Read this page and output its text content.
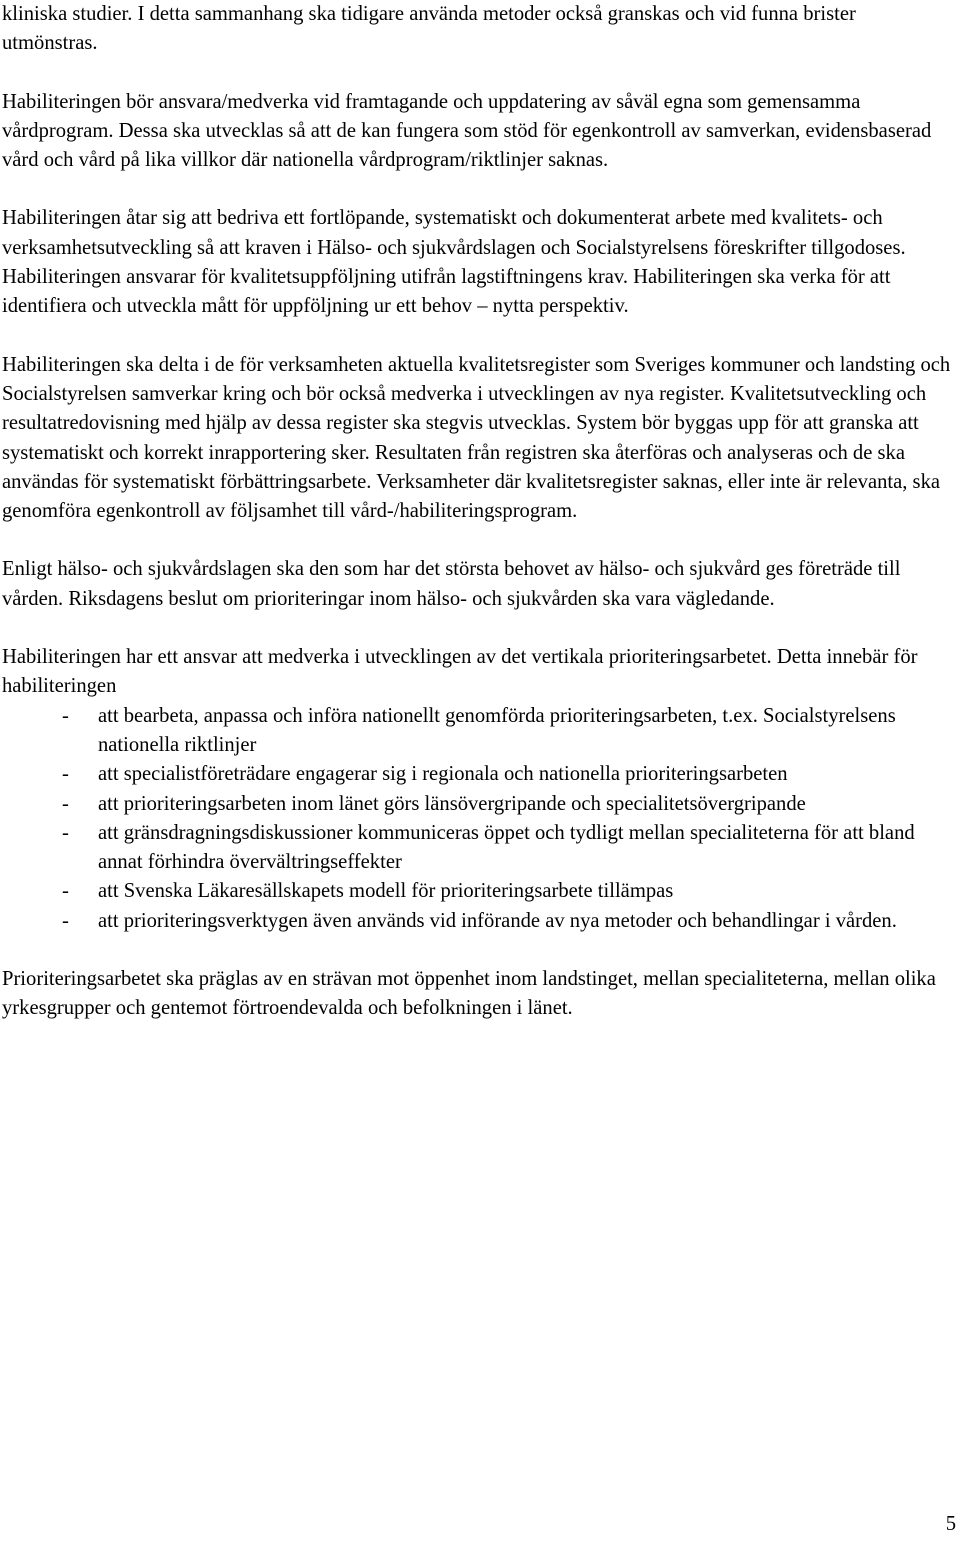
kliniska studier. I detta sammanhang ska tidigare använda metoder också granskas och vid funna brister utmönstras.

Habiliteringen bör ansvara/medverka vid framtagande och uppdatering av såväl egna som gemensamma vårdprogram. Dessa ska utvecklas så att de kan fungera som stöd för egenkontroll av samverkan, evidensbaserad vård och vård på lika villkor där nationella vårdprogram/riktlinjer saknas.

Habiliteringen åtar sig att bedriva ett fortlöpande, systematiskt och dokumenterat arbete med kvalitets- och verksamhetsutveckling så att kraven i Hälso- och sjukvårdslagen och Socialstyrelsens föreskrifter tillgodoses. Habiliteringen ansvarar för kvalitetsuppföljning utifrån lagstiftningens krav. Habiliteringen ska verka för att identifiera och utveckla mått för uppföljning ur ett behov – nytta perspektiv.

Habiliteringen ska delta i de för verksamheten aktuella kvalitetsregister som Sveriges kommuner och landsting och Socialstyrelsen samverkar kring och bör också medverka i utvecklingen av nya register. Kvalitetsutveckling och resultatredovisning med hjälp av dessa register ska stegvis utvecklas. System bör byggas upp för att granska att systematiskt och korrekt inrapportering sker. Resultaten från registren ska återföras och analyseras och de ska användas för systematiskt förbättringsarbete. Verksamheter där kvalitetsregister saknas, eller inte är relevanta, ska genomföra egenkontroll av följsamhet till vård-/habiliteringsprogram.

Enligt hälso- och sjukvårdslagen ska den som har det största behovet av hälso- och sjukvård ges företräde till vården. Riksdagens beslut om prioriteringar inom hälso- och sjukvården ska vara vägledande.

Habiliteringen har ett ansvar att medverka i utvecklingen av det vertikala prioriteringsarbetet. Detta innebär för habiliteringen

- att bearbeta, anpassa och införa nationellt genomförda prioriteringsarbeten, t.ex. Socialstyrelsens nationella riktlinjer
- att specialistföreträdare engagerar sig i regionala och nationella prioriteringsarbeten
- att prioriteringsarbeten inom länet görs länsövergripande och specialitetsövergripande
- att gränsdragningsdiskussioner kommuniceras öppet och tydligt mellan specialiteterna för att bland annat förhindra övervältringseffekter
- att Svenska Läkaresällskapets modell för prioriteringsarbete tillämpas
- att prioriteringsverktygen även används vid införande av nya metoder och behandlingar i vården.

Prioriteringsarbetet ska präglas av en strävan mot öppenhet inom landstinget, mellan specialiteterna, mellan olika yrkesgrupper och gentemot förtroendevalda och befolkningen i länet.

5
